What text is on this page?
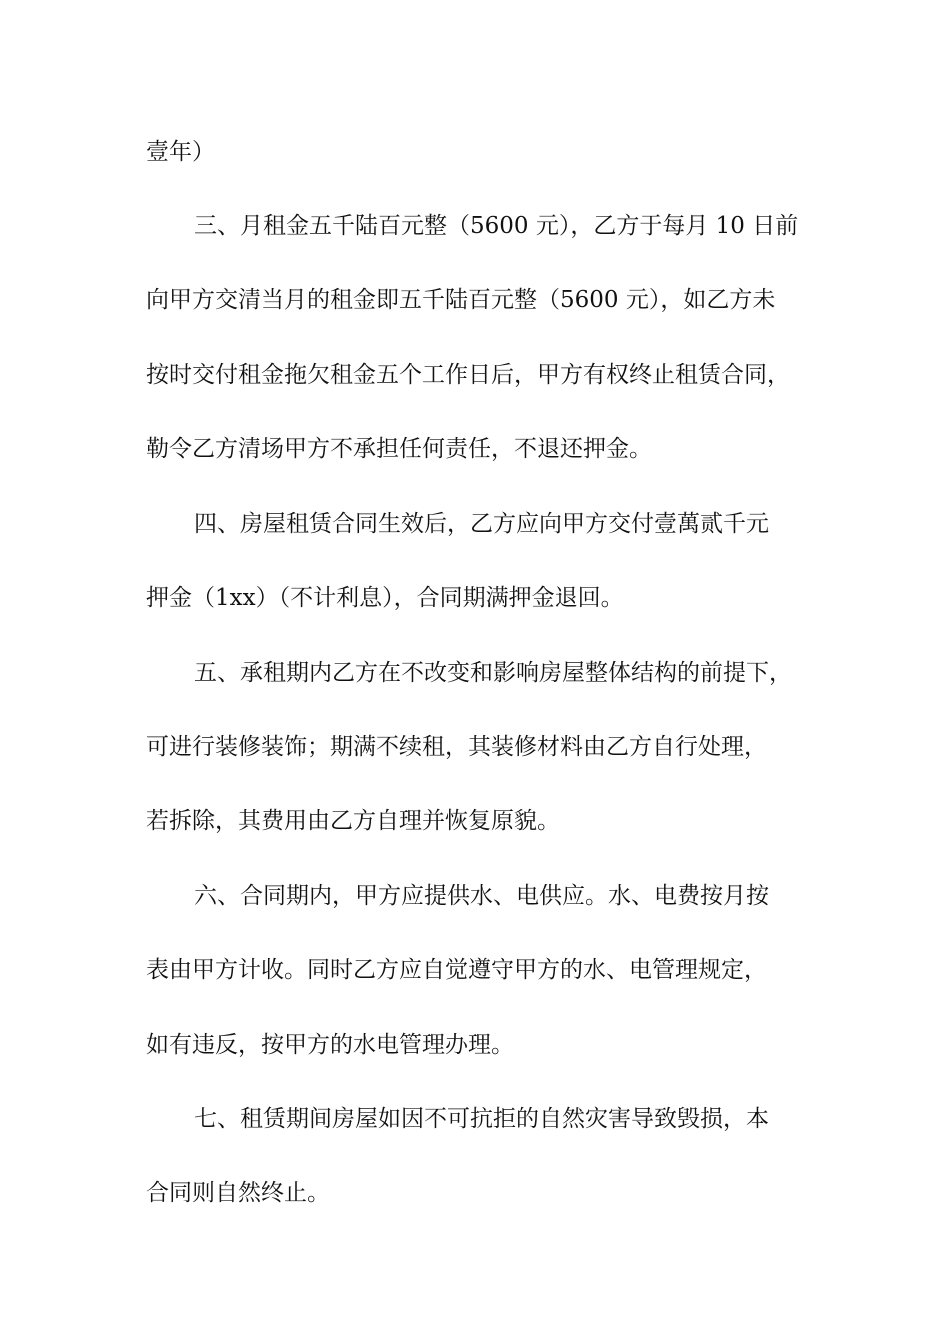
壹年）

三、月租金五千陆百元整（5600 元），乙方于每月 10 日前

向甲方交清当月的租金即五千陆百元整（5600 元），如乙方未

按时交付租金拖欠租金五个工作日后，甲方有权终止租赁合同，

勒令乙方清场甲方不承担任何责任，不退还押金。

四、房屋租赁合同生效后，乙方应向甲方交付壹萬贰千元

押金（1xx）（不计利息），合同期满押金退回。

五、承租期内乙方在不改变和影响房屋整体结构的前提下，

可进行装修装饰；期满不续租，其装修材料由乙方自行处理，

若拆除，其费用由乙方自理并恢复原貌。

六、合同期内，甲方应提供水、电供应。水、电费按月按

表由甲方计收。同时乙方应自觉遵守甲方的水、电管理规定，

如有违反，按甲方的水电管理办理。

七、租赁期间房屋如因不可抗拒的自然灾害导致毁损，本

合同则自然终止。
